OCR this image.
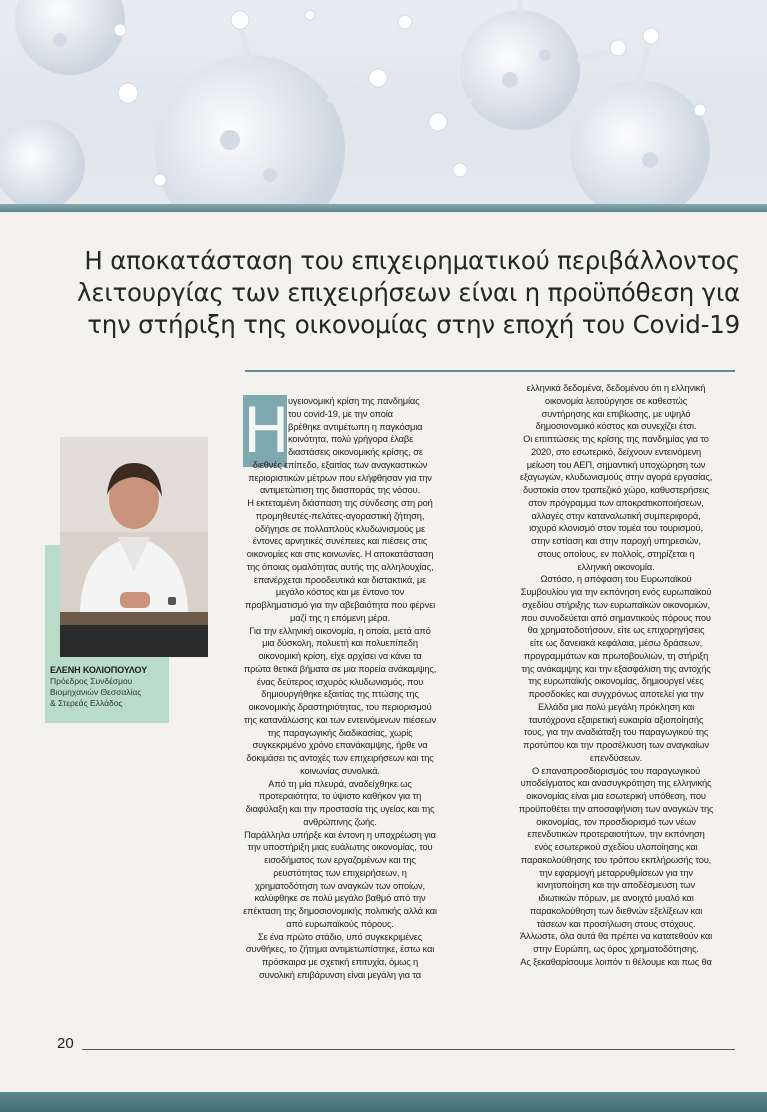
Η αποκατάσταση του επιχειρηματικού περιβάλλοντος
λειτουργίας των επιχειρήσεων είναι η προϋπόθεση για
την στήριξη της οικονομίας στην εποχή του Covid-19

ΕΛΕΝΗ ΚΟΛΙΟΠΟΥΛΟΥ

Πρόεδρος Συνδέσμου
Βιομηχανιών Θεσσαλίας
& Στερεάς Ελλάδος

Η
υγειονομική κρίση της πανδημίας
του covid-19, με την οποία
βρέθηκε αντιμέτωπη η παγκόσμια
κοινότητα, πολύ γρήγορα έλαβε
διαστάσεις οικονομικής κρίσης, σε
διεθνές επίπεδο, εξαιτίας των αναγκαστικών
περιοριστικών μέτρων που ελήφθησαν για την
αντιμετώπιση της διασποράς της νόσου.
Η εκτεταμένη διάσπαση της σύνδεσης στη ροή
προμηθευτές-πελάτες-αγοραστική ζήτηση,
οδήγησε σε πολλαπλούς κλυδωνισμούς με
έντονες αρνητικές συνέπειες και πιέσεις στις
οικονομίες και στις κοινωνίες. Η αποκατάσταση
της όποιας ομαλότητας αυτής της αλληλουχίας,
επανέρχεται προοδευτικά και διστακτικά, με
μεγάλο κόστος και με έντονο τον
προβληματισμό για την αβεβαιότητα που φέρνει
μαζί της η επόμενη μέρα.
Για την ελληνική οικονομία, η οποία, μετά από
μια δύσκολη, πολυετή και πολυεπίπεδη
οικονομική κρίση, είχε αρχίσει να κάνει τα
πρώτα θετικά βήματα σε μια πορεία ανάκαμψης,
ένας δεύτερος ισχυρός κλυδωνισμός, που
δημιουργήθηκε εξαιτίας της πτώσης της
οικονομικής δραστηριότητας, του περιορισμού
της κατανάλωσης και των εντεινόμενων πιέσεων
της παραγωγικής διαδικασίας, χωρίς
συγκεκριμένο χρόνο επανάκαμψης, ήρθε να
δοκιμάσει τις αντοχές των επιχειρήσεων και της
κοινωνίας συνολικά.
Από τη μία πλευρά, αναδείχθηκε ως
προτεραιότητα, το ύψιστο καθήκον για τη
διαφύλαξη και την προστασία της υγείας και της
ανθρώπινης ζωής.
Παράλληλα υπήρξε και έντονη η υποχρέωση για
την υποστήριξη μιας ευάλωτης οικονομίας, του
εισοδήματος των εργαζομένων και της
ρευστότητας των επιχειρήσεων, η
χρηματοδότηση των αναγκών των οποίων,
καλύφθηκε σε πολύ μεγάλο βαθμό από την
επέκταση της δημοσιονομικής πολιτικής αλλά και
από ευρωπαϊκούς πόρους.
Σε ένα πρώτο στάδιο, υπό συγκεκριμένες
συνθήκες, το ζήτημα αντιμετωπίστηκε, έστω και
πρόσκαιρα με σχετική επιτυχία, όμως η
συνολική επιβάρυνση είναι μεγάλη για τα
ελληνικά δεδομένα, δεδομένου ότι η ελληνική
οικονομία λειτούργησε σε καθεστώς
συντήρησης και επιβίωσης, με υψηλό
δημοσιονομικό κόστος και συνεχίζει έτσι.
Οι επιπτώσεις της κρίσης της πανδημίας για το
2020, στο εσωτερικό, δείχνουν εντεινόμενη
μείωση του ΑΕΠ, σημαντική υποχώρηση των
εξαγωγών, κλυδωνισμούς στην αγορά εργασίας,
δυστοκία στον τραπεζικό χώρο, καθυστερήσεις
στον πρόγραμμα των αποκρατικοποιήσεων,
αλλαγές στην καταναλωτική συμπεριφορά,
ισχυρό κλονισμό στον τομέα του τουρισμού,
στην εστίαση και στην παροχή υπηρεσιών,
στους οποίους, εν πολλοίς, στηρίζεται η
ελληνική οικονομία.
Ωστόσο, η απόφαση του Ευρωπαϊκού
Συμβουλίου για την εκπόνηση ενός ευρωπαϊκού
σχεδίου στήριξης των ευρωπαϊκών οικονομιών,
που συνοδεύεται από σημαντικούς πόρους που
θα χρηματοδοτήσουν, είτε ως επιχορηγήσεις
είτε ως δανειακά κεφάλαια, μέσω δράσεων,
προγραμμάτων και πρωτοβουλιών, τη στήριξη
της ανάκαμψης και την εξασφάλιση της αντοχής
της ευρωπαϊκής οικονομίας, δημιουργεί νέες
προσδοκίες και συγχρόνως αποτελεί για την
Ελλάδα μια πολύ μεγάλη πρόκληση και
ταυτόχρονα εξαιρετική ευκαιρία αξιοποίησής
τους, για την αναδιάταξη του παραγωγικού της
προτύπου και την προσέλκυση των αναγκαίων
επενδύσεων.
Ο επαναπροσδιορισμός του παραγωγικού
υποδείγματος και ανασυγκρότηση της ελληνικής
οικονομίας είναι μια εσωτερική υπόθεση, που
προϋποθέτει την αποσαφήνιση των αναγκών της
οικονομίας, τον προσδιορισμό των νέων
επενδυτικών προτεραιοτήτων, την εκπόνηση
ενός εσωτερικού σχεδίου υλοποίησης και
παρακολούθησης του τρόπου εκπλήρωσής του,
την εφαρμογή μεταρρυθμίσεων για την
κινητοποίηση και την αποδέσμευση των
ιδιωτικών πόρων, με ανοιχτό μυαλό και
παρακολούθηση των διεθνών εξελίξεων και
τάσεων και προσήλωση στους στόχους.
Άλλωστε, όλα αυτά θα πρέπει να κατατεθούν και
στην Ευρώπη, ως όρος χρηματοδότησης.
Ας ξεκαθαρίσουμε λοιπόν τι θέλουμε και πως θα

20
